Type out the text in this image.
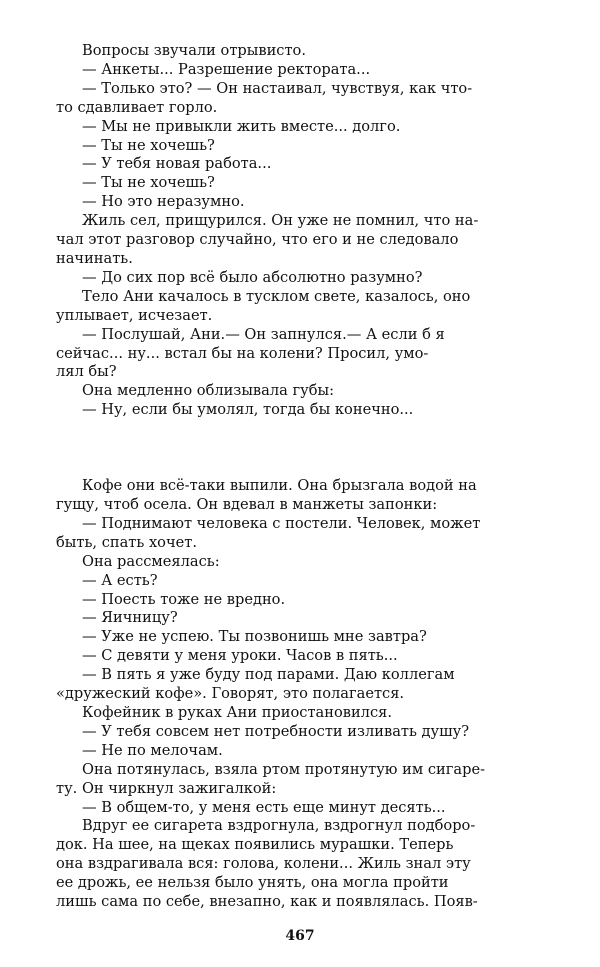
Вопросы звучали отрывисто.
— Анкеты... Разрешение ректората...
— Только это? — Он настаивал, чувствуя, как что-
то сдавливает горло.
— Мы не привыкли жить вместе... долго.
— Ты не хочешь?
— У тебя новая работа...
— Ты не хочешь?
— Но это неразумно.
Жиль сел, прищурился. Он уже не помнил, что на-
чал этот разговор случайно, что его и не следовало
начинать.
— До сих пор всё было абсолютно разумно?
Тело Ани качалось в тусклом свете, казалось, оно
уплывает, исчезает.
— Послушай, Ани.— Он запнулся.— А если б я
сейчас... ну... встал бы на колени? Просил, умо-
лял бы?
Она медленно облизывала губы:
— Ну, если бы умолял, тогда бы конечно...
Кофе они всё-таки выпили. Она брызгала водой на
гущу, чтоб осела. Он вдевал в манжеты запонки:
— Поднимают человека с постели. Человек, может
быть, спать хочет.
Она рассмеялась:
— А есть?
— Поесть тоже не вредно.
— Яичницу?
— Уже не успею. Ты позвонишь мне завтра?
— С девяти у меня уроки. Часов в пять...
— В пять я уже буду под парами. Даю коллегам
«дружеский кофе». Говорят, это полагается.
Кофейник в руках Ани приостановился.
— У тебя совсем нет потребности изливать душу?
— Не по мелочам.
Она потянулась, взяла ртом протянутую им сигаре-
ту. Он чиркнул зажигалкой:
— В общем-то, у меня есть еще минут десять...
Вдруг ее сигарета вздрогнула, вздрогнул подборо-
док. На шее, на щеках появились мурашки. Теперь
она вздрагивала вся: голова, колени... Жиль знал эту
ее дрожь, ее нельзя было унять, она могла пройти
лишь сама по себе, внезапно, как и появлялась. Появ-
467
